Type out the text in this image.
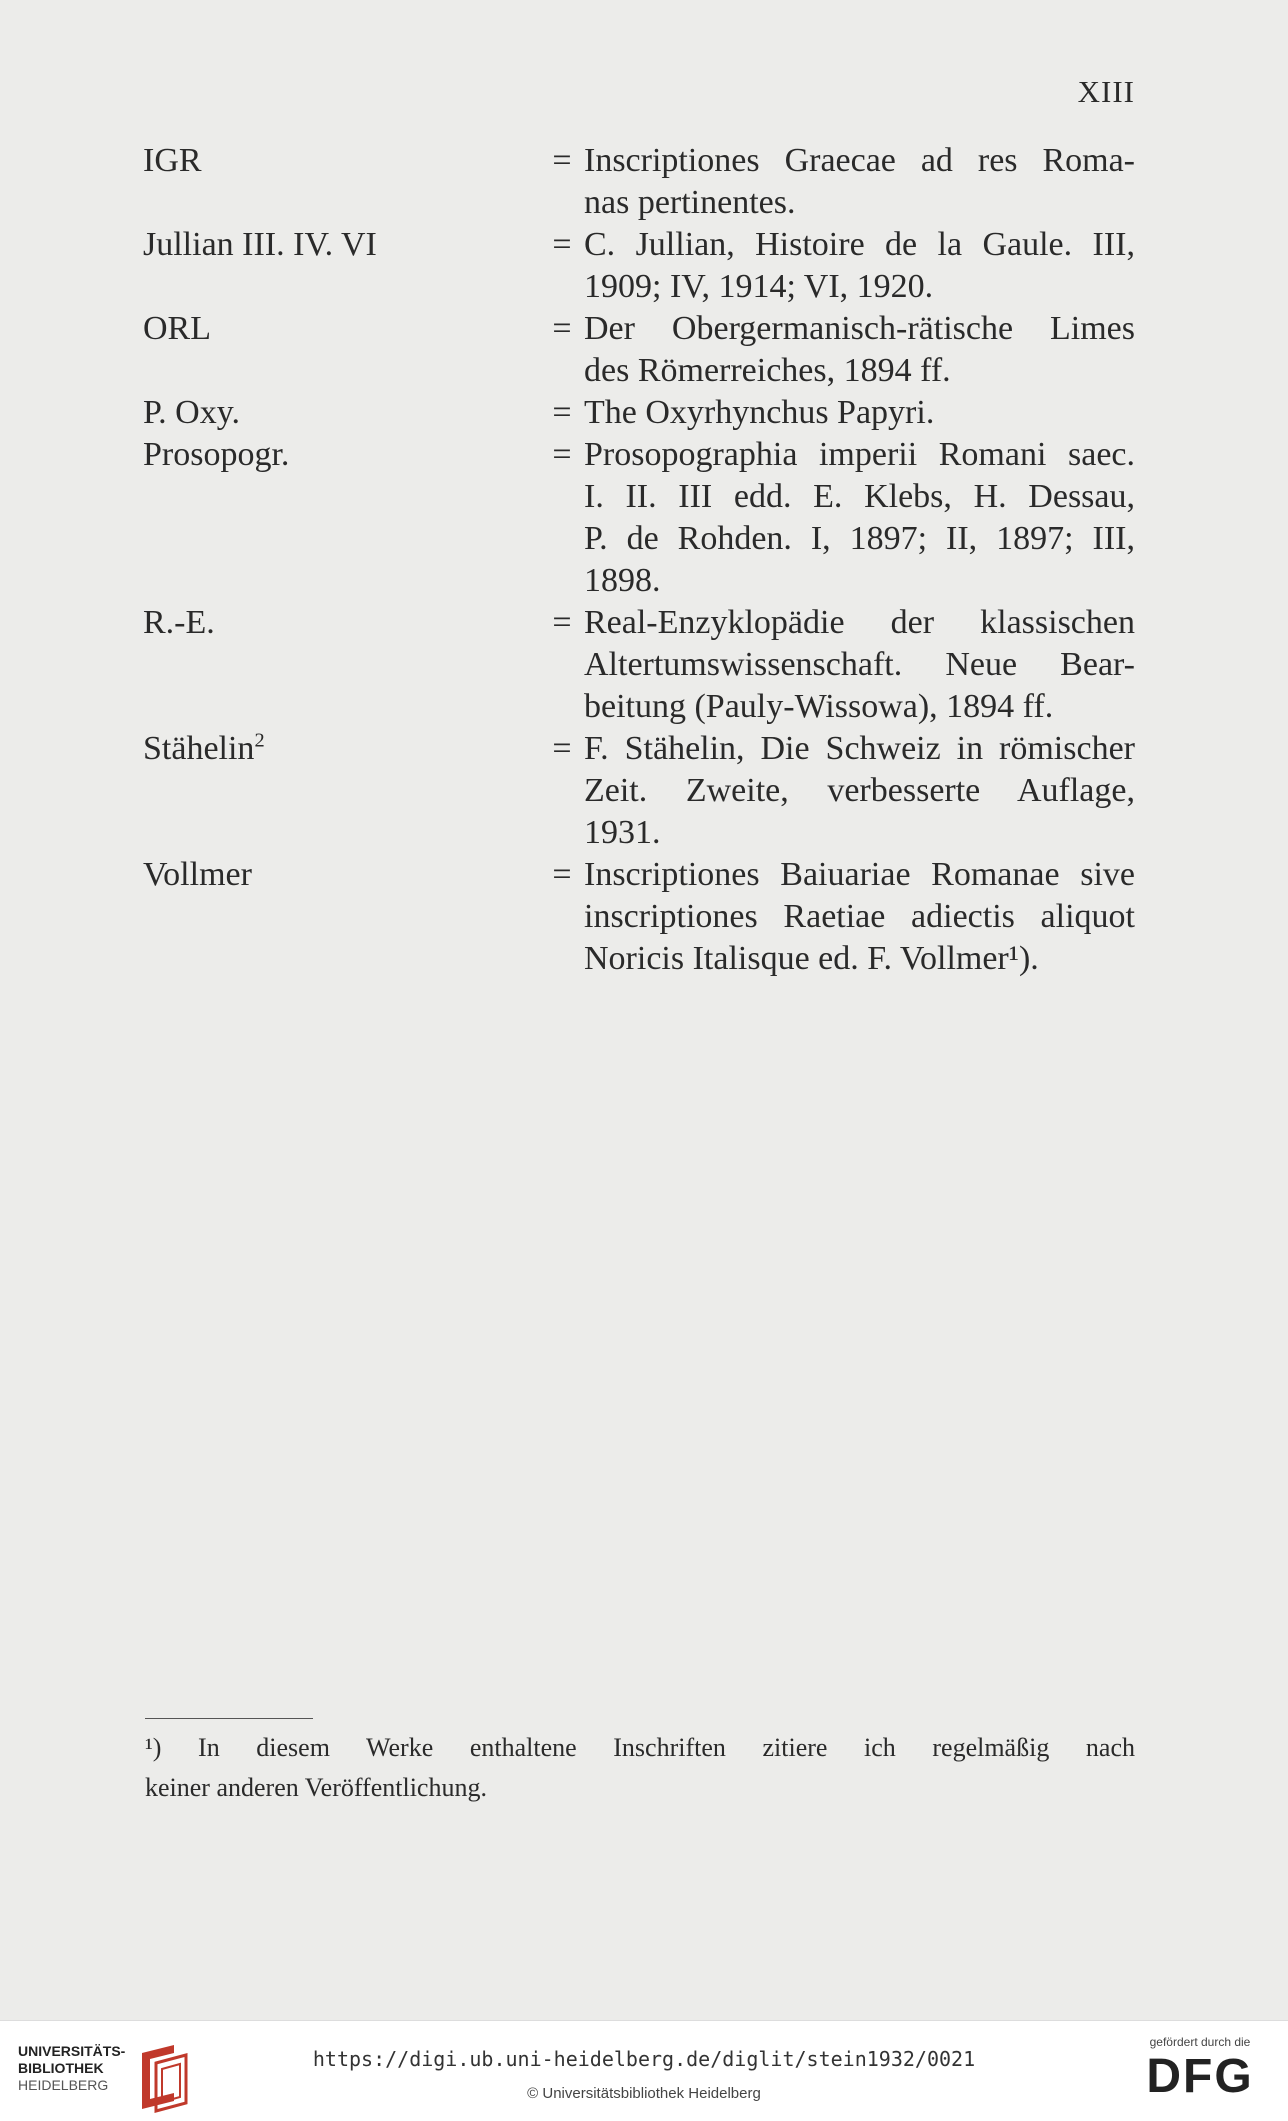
XIII
IGR	= Inscriptiones Graecae ad res Roma-
nas pertinentes.
Jullian III. IV. VI	= C. Jullian, Histoire de la Gaule. III,
1909; IV, 1914; VI, 1920.
ORL	= Der Obergermanisch-rätische Limes
des Römerreiches, 1894 ff.
P. Oxy.	= The Oxyrhynchus Papyri.
Prosopogr.	= Prosopographia imperii Romani saec.
I. II. III edd. E. Klebs, H. Dessau,
P. de Rohden. I, 1897; II, 1897; III,
1898.
R.-E.	= Real-Enzyklopädie der klassischen
Altertumswissenschaft. Neue Bear-
beitung (Pauly-Wissowa), 1894 ff.
Stähelin$^2$	= F. Stähelin, Die Schweiz in römischer
Zeit. Zweite, verbesserte Auflage,
1931.
Vollmer	= Inscriptiones Baiuariae Romanae sive
inscriptiones Raetiae adiectis aliquot
Noricis Italisque ed. F. Vollmer¹).
¹) In diesem Werke enthaltene Inschriften zitiere ich regelmäßig nach
keiner anderen Veröffentlichung.
UNIVERSITÄTS-
BIBLIOTHEK
HEIDELBERG
https://digi.ub.uni-heidelberg.de/diglit/stein1932/0021
© Universitätsbibliothek Heidelberg
gefördert durch die
DFG
